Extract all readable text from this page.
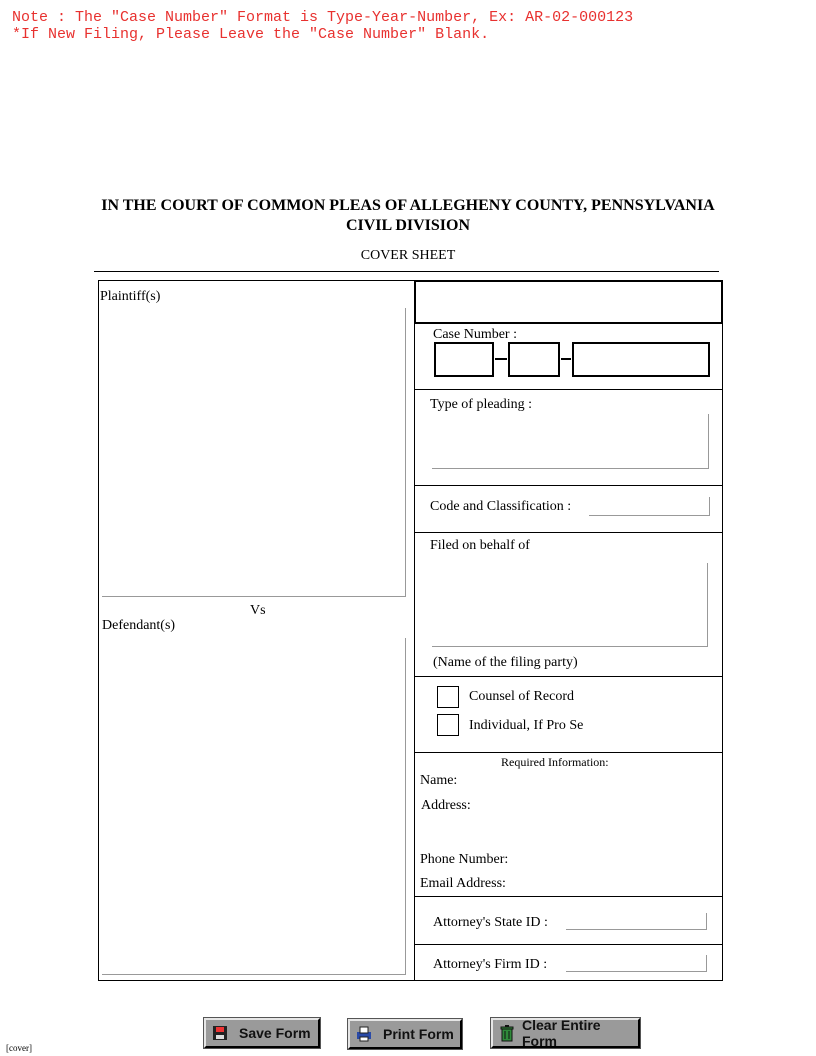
Note : The "Case Number" Format is Type-Year-Number, Ex: AR-02-000123
*If New Filing, Please Leave the "Case Number" Blank.
IN THE COURT OF COMMON PLEAS OF ALLEGHENY COUNTY, PENNSYLVANIA
CIVIL DIVISION
COVER SHEET
Plaintiff(s)
Vs
Defendant(s)
Case Number :
Type of pleading :
Code and Classification :
Filed on behalf of
(Name of the filing party)
Counsel of Record
Individual, If Pro Se
Required Information:
Name:
Address:
Phone Number:
Email Address:
Attorney's State ID :
Attorney's Firm ID :
Save Form	Print Form
Clear Entire Form
[cover]
